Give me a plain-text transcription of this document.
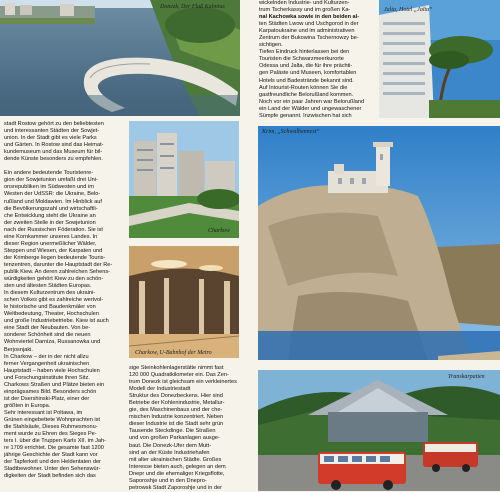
Donezk, Der Fluß Kalmius

wickelnden Industrie- und Kulturzen-

trum Tscherkassy und im großen Ka-

nal Kachowka sowie in den beiden al-

ten Städten Lwow und Uschgorod in der

Karpatoukraine und im administrativen

Zentrum der Bukowina Tschernowzy be-

sichtigen.

Tiefen Eindruck hinterlassen bei den

Touristen die Schwarzmeerkurorte

Odessa und Jalta, die für ihre prächti-

gen Paläste und Museen, komfortablen

Hotels und Badestrände bekannt sind.

Auf Intourist-Routen können Sie die

gastfreundliche Belorußland kommen.

Noch vor ein paar Jahren war Belorußland

ein Land der Wälder und ungewaschener

Sümpfe genannt. Inzwischen hat sich

Jalta, Hotel „Jalta“

stadt Rostow gehört zu den beliebtesten

und interessanten Städten der Sowjet-

union. In der Stadt gibt es viele Parks

und Gärten. In Rostow sind das Heimat-

kundemuseum und das Museum für bil-

dende Künste besonders zu empfehlen.

Ein andere bedeutende Touristenre-

gion der Sowjetunion umfaßt drei Uni-

onsrepubliken im Südwesten und im

Westen der UdSSR: die Ukraine, Belo-

rußland und Moldawien. Im Hinblick auf

die Bevölkerungszahl und wirtschaftli-

che Entwicklung steht die Ukraine an

der zweiten Stelle in der Sowjetunion

nach der Russischen Föderation. Sie ist

eine Kornkammer unseres Landes. In

dieser Region unermeßlicher Wälder,

Steppen und Wiesen, der Karpaten und

der Krimberge liegen bedeutende Touris-

tenzentren, darunter die Hauptstadt der Re-

publik Kiew. An deren zahlreichen Sehens-

würdigkeiten gehört Kiew zu den schön-

sten und ältesten Städten Europas.

In diesem Kulturzentrum des ukraini-

schen Volkes gibt es zahlreiche wertvol-

le historische und Baudenkmäler von

Weltbedeutung, Theater, Hochschulen

und große Industriebetriebe. Kiew ist auch

eine Stadt der Neubauten. Von be-

sonderer Schönheit sind die neuen

Wohnviertel Darniza, Russanowka und

Berjosnjaki.

In Charkow – der in der nicht allzu

ferner Vergangenheit ukrainischen

Hauptstadt – haben viele Hochschulen

und Forschungsinstitute ihren Sitz.

Charkows Straßen und Plätze bieten ein

einprägsames Bild. Besonders schön

ist der Dsershinski-Platz, einer der

größten in Europa.

Sehr interessant ist Poltawa, im

Grünen eingebettete Wohnprachten ist

die Stahlsäule, Dieses Ruhmesmonu-

ment wurde zu Ehren des Sieges Pe-

ters I. über die Truppen Karls XII. im Jah-

re 1709 errichtet. Die gesamte fast 1200

jährige Geschichte der Stadt kann vor

der Tapferkeit und den Heldentaten der

Stadtbewohner. Unter den Sehenswür-

digkeiten der Stadt befinden sich das

Charkow
Charkow, U-Bahnhof der Metro

sige Steinkohlenlagerstätte nimmt fast

120 000 Quadratkilometer ein. Das Zen-

trum Donezk ist gleichsam ein verkleinertes

Modell der Industriestadt

Struktur des Donezbeckens. Hier sind

Betriebe der Kohlenindustrie, Metallur-

gie, des Maschinenbaus und der che-

mischen Industrie konzentriert. Neben

dieser Industrie ist die Stadt sehr grün

Tausende Steckdinge. Die Straßen

und von großen Parkanlagen ausge-

baut. Die Donezk-Ufer dem Mutt-

sind an der Küste Industriehafen

mit alter ukrainischen Städte. Großes

Interesse bieten auch, gelegen an dem

Dnepr und die ehemaliger Kriegsflotte,

Saporoshje und in den Dnepro-

petrowsk Stadt Zaporoshje und in der

Krim, „Schwalbennest“
Transkarpatien
